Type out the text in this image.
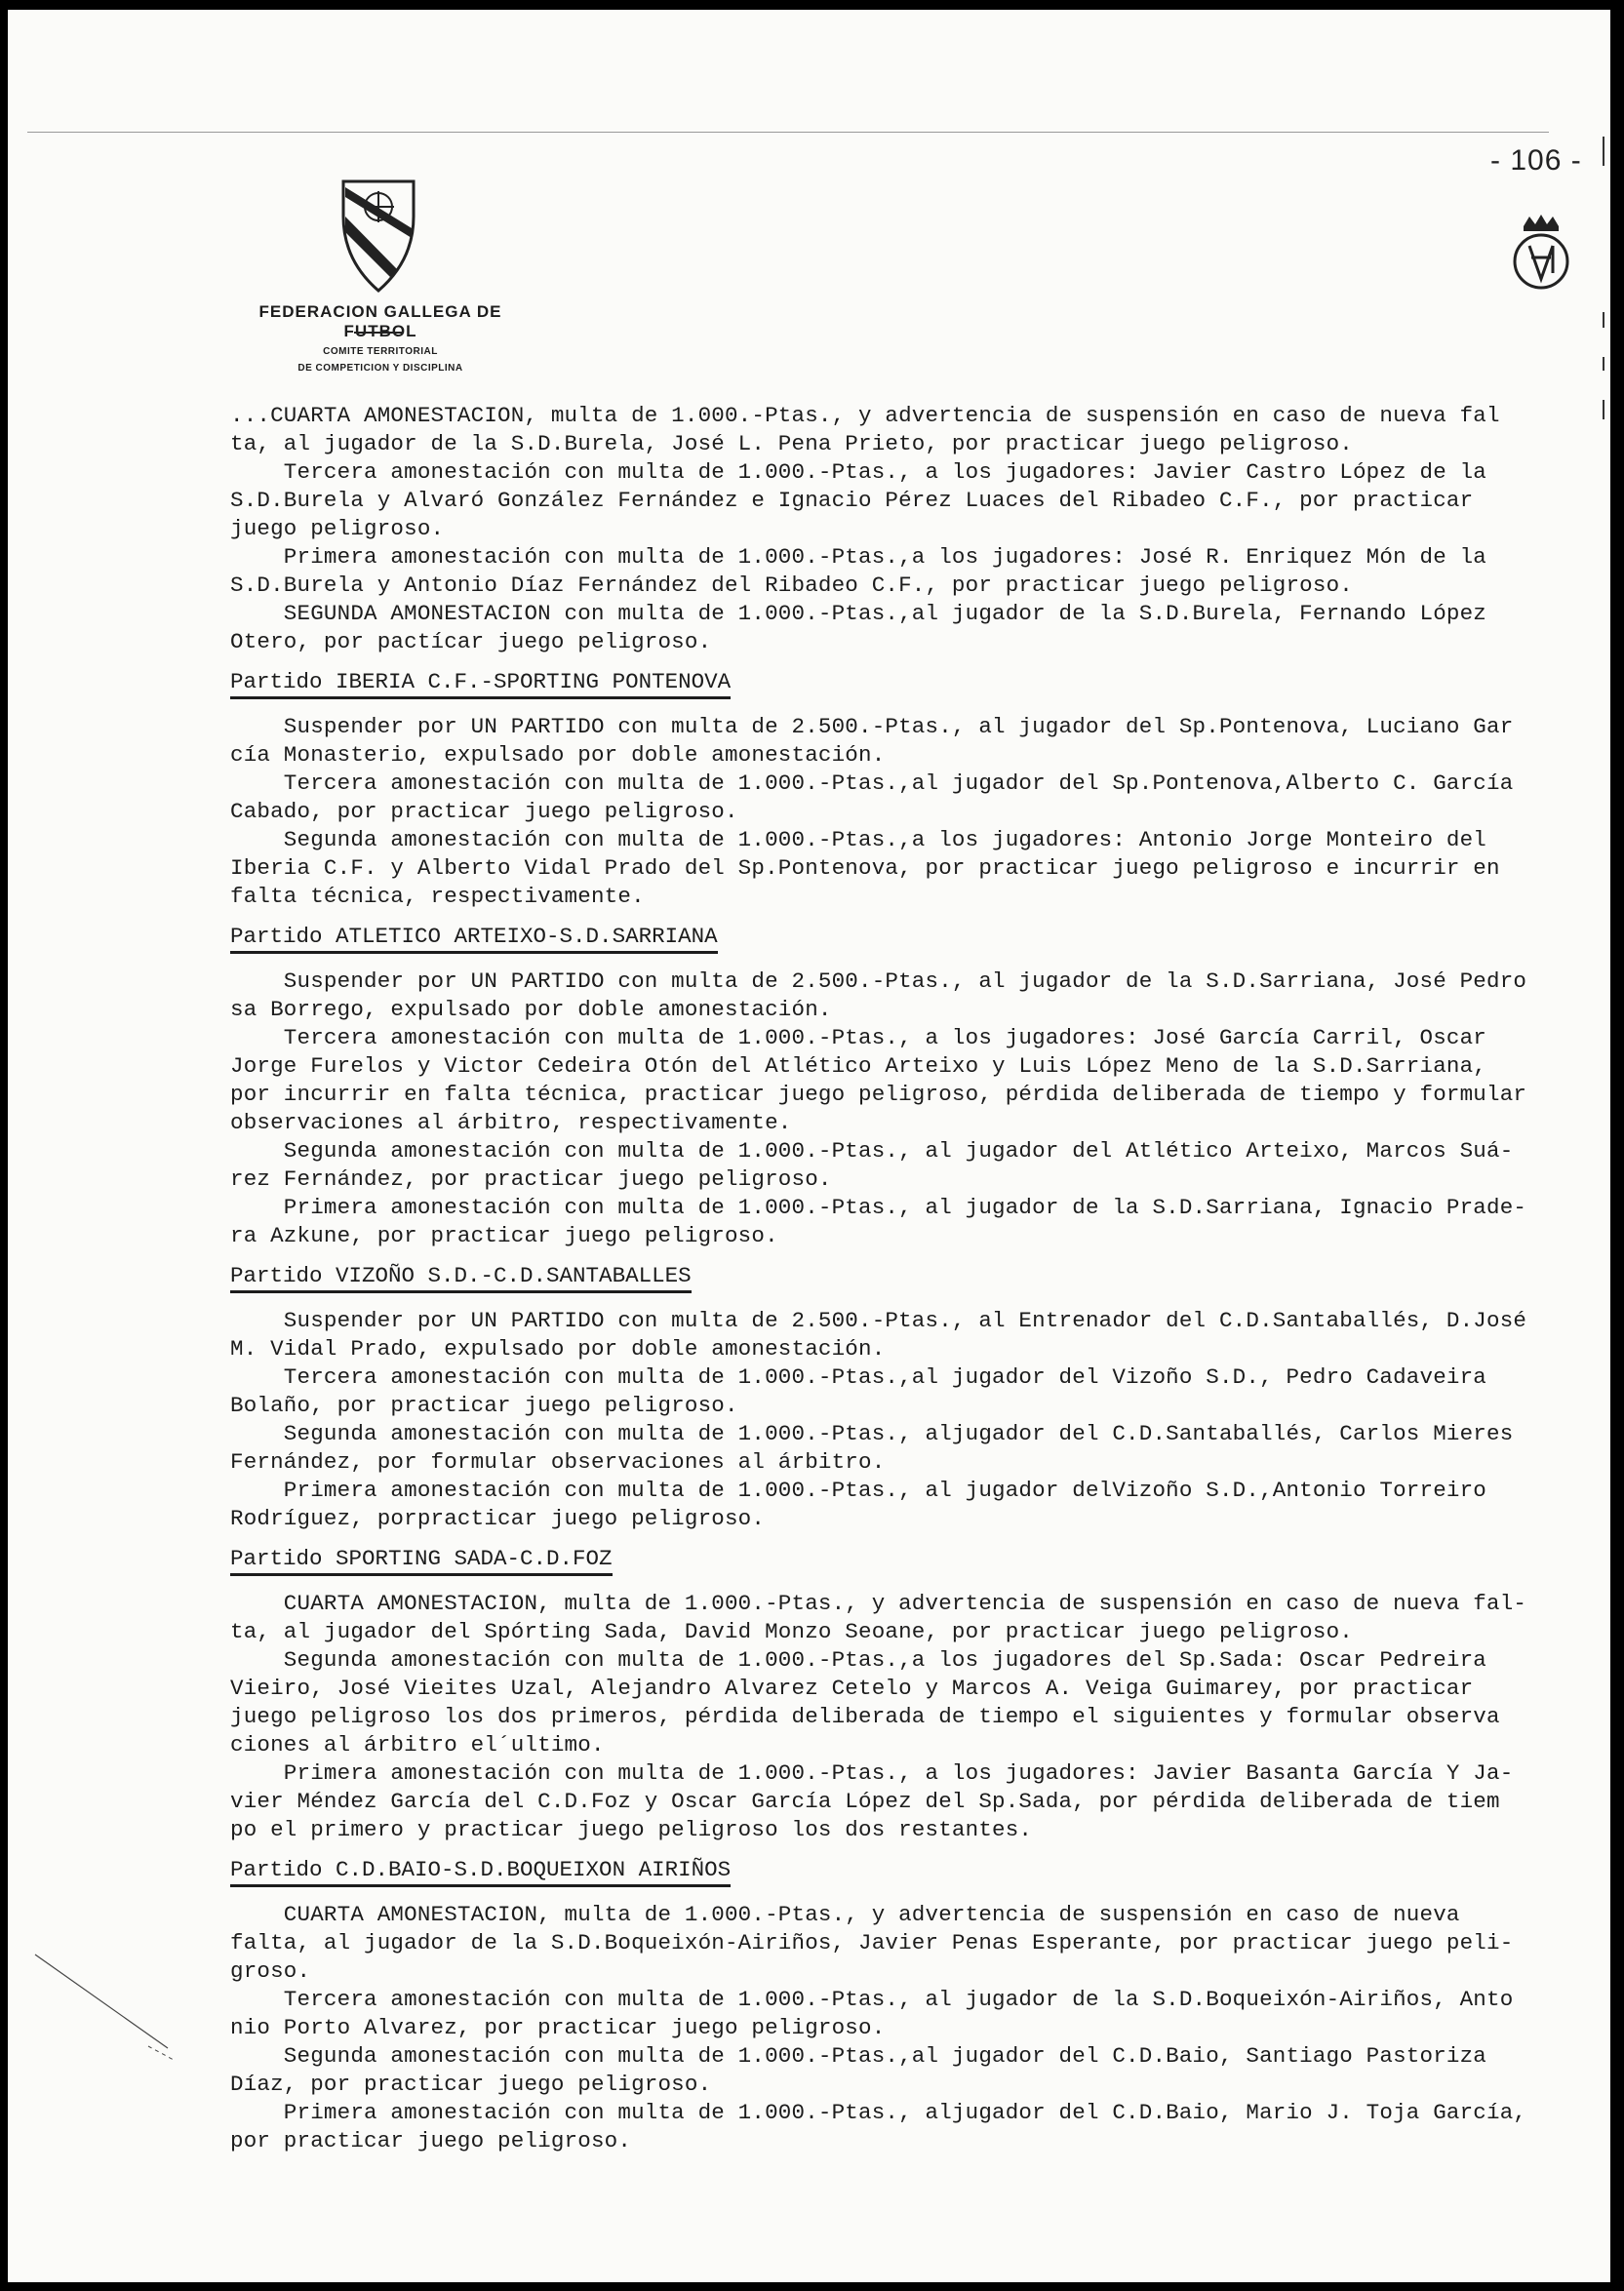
- 106 -
FEDERACION GALLEGA DE FUTBOL
COMITE TERRITORIAL
DE COMPETICION Y DISCIPLINA
...CUARTA AMONESTACION, multa de 1.000.-Ptas., y advertencia de suspensión en caso de nueva fal
ta, al jugador de la S.D.Burela, José L. Pena Prieto, por practicar juego peligroso.
Tercera amonestación con multa de 1.000.-Ptas., a los jugadores: Javier Castro López de la
S.D.Burela y Alvaró González Fernández e Ignacio Pérez Luaces del Ribadeo C.F., por practicar
juego peligroso.
Primera amonestación con multa de 1.000.-Ptas.,a los jugadores: José R. Enriquez Món de la
S.D.Burela y Antonio Díaz Fernández del Ribadeo C.F., por practicar juego peligroso.
SEGUNDA AMONESTACION con multa de 1.000.-Ptas.,al jugador de la S.D.Burela, Fernando López
Otero, por pactícar juego peligroso.
Partido IBERIA C.F.-SPORTING PONTENOVA
Suspender por UN PARTIDO con multa de 2.500.-Ptas., al jugador del Sp.Pontenova, Luciano Gar
cía Monasterio, expulsado por doble amonestación.
Tercera amonestación con multa de 1.000.-Ptas.,al jugador del Sp.Pontenova,Alberto C. García
Cabado, por practicar juego peligroso.
Segunda amonestación con multa de 1.000.-Ptas.,a los jugadores: Antonio Jorge Monteiro del
Iberia C.F. y Alberto Vidal Prado del Sp.Pontenova, por practicar juego peligroso e incurrir en
falta técnica, respectivamente.
Partido ATLETICO ARTEIXO-S.D.SARRIANA
Suspender por UN PARTIDO con multa de 2.500.-Ptas., al jugador de la S.D.Sarriana, José Pedro
sa Borrego, expulsado por doble amonestación.
Tercera amonestación con multa de 1.000.-Ptas., a los jugadores: José García Carril, Oscar
Jorge Furelos y Victor Cedeira Otón del Atlético Arteixo y Luis López Meno de la S.D.Sarriana,
por incurrir en falta técnica, practicar juego peligroso, pérdida deliberada de tiempo y formular
observaciones al árbitro, respectivamente.
Segunda amonestación con multa de 1.000.-Ptas., al jugador del Atlético Arteixo, Marcos Suá-
rez Fernández, por practicar juego peligroso.
Primera amonestación con multa de 1.000.-Ptas., al jugador de la S.D.Sarriana, Ignacio Prade-
ra Azkune, por practicar juego peligroso.
Partido VIZOÑO S.D.-C.D.SANTABALLES
Suspender por UN PARTIDO con multa de 2.500.-Ptas., al Entrenador del C.D.Santaballés, D.José
M. Vidal Prado, expulsado por doble amonestación.
Tercera amonestación con multa de 1.000.-Ptas.,al jugador del Vizoño S.D., Pedro Cadaveira
Bolaño, por practicar juego peligroso.
Segunda amonestación con multa de 1.000.-Ptas., aljugador del C.D.Santaballés, Carlos Mieres
Fernández, por formular observaciones al árbitro.
Primera amonestación con multa de 1.000.-Ptas., al jugador delVizoño S.D.,Antonio Torreiro
Rodríguez, porpracticar juego peligroso.
Partido SPORTING SADA-C.D.FOZ
CUARTA AMONESTACION, multa de 1.000.-Ptas., y advertencia de suspensión en caso de nueva fal-
ta, al jugador del Spórting Sada, David Monzo Seoane, por practicar juego peligroso.
Segunda amonestación con multa de 1.000.-Ptas.,a los jugadores del Sp.Sada: Oscar Pedreira
Vieiro, José Vieites Uzal, Alejandro Alvarez Cetelo y Marcos A. Veiga Guimarey, por practicar
juego peligroso los dos primeros, pérdida deliberada de tiempo el siguientes y formular observa
ciones al árbitro el´ultimo.
Primera amonestación con multa de 1.000.-Ptas., a los jugadores: Javier Basanta García Y Ja-
vier Méndez García del C.D.Foz y Oscar García López del Sp.Sada, por pérdida deliberada de tiem
po el primero y practicar juego peligroso los dos restantes.
Partido C.D.BAIO-S.D.BOQUEIXON AIRIÑOS
CUARTA AMONESTACION, multa de 1.000.-Ptas., y advertencia de suspensión en caso de nueva
falta, al jugador de la S.D.Boqueixón-Airiños, Javier Penas Esperante, por practicar juego peli-
groso.
Tercera amonestación con multa de 1.000.-Ptas., al jugador de la S.D.Boqueixón-Airiños, Anto
nio Porto Alvarez, por practicar juego peligroso.
Segunda amonestación con multa de 1.000.-Ptas.,al jugador del C.D.Baio, Santiago Pastoriza
Díaz, por practicar juego peligroso.
Primera amonestación con multa de 1.000.-Ptas., aljugador del C.D.Baio, Mario J. Toja García,
por practicar juego peligroso.
